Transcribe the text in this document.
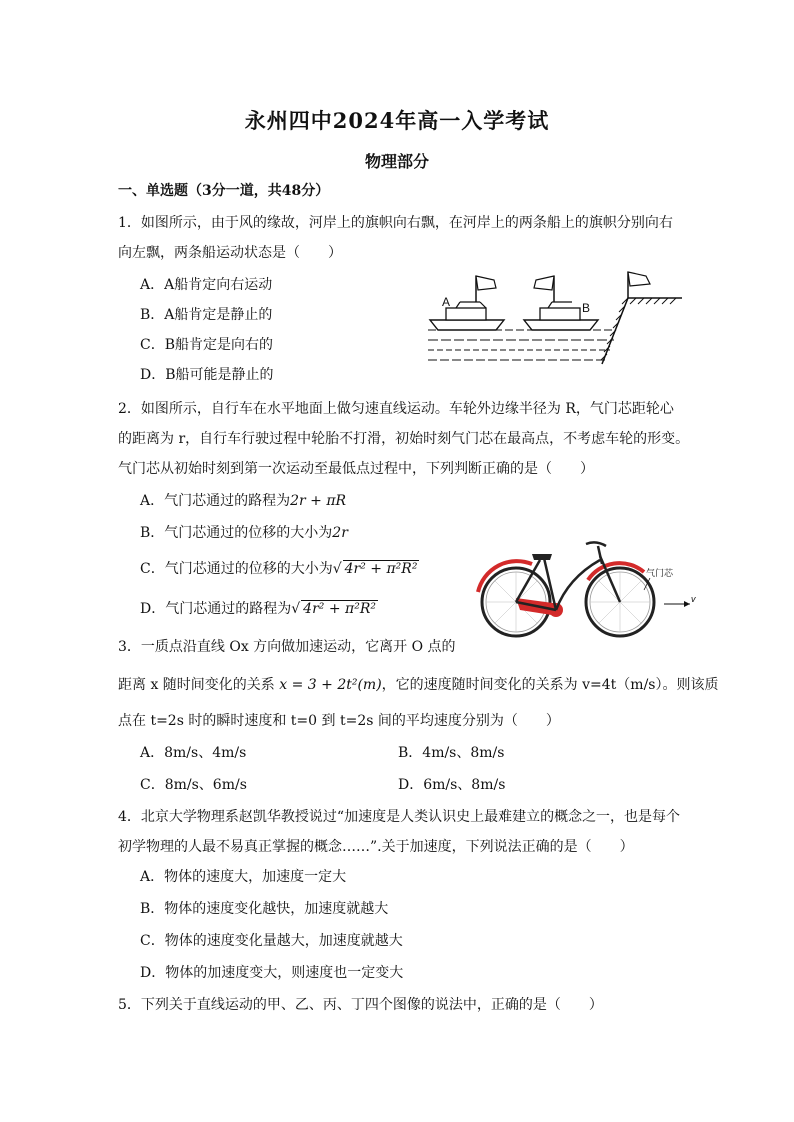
永州四中2024年高一入学考试
物理部分
一、单选题（3分一道，共48分）
1．如图所示，由于风的缘故，河岸上的旗帜向右飘，在河岸上的两条船上的旗帜分别向右
向左飘，两条船运动状态是（　　）
A．A船肯定向右运动
B．A船肯定是静止的
C．B船肯定是向右的
D．B船可能是静止的
A	B
2．如图所示，自行车在水平地面上做匀速直线运动。车轮外边缘半径为 R，气门芯距轮心
的距离为 r，自行车行驶过程中轮胎不打滑，初始时刻气门芯在最高点，不考虑车轮的形变。
气门芯从初始时刻到第一次运动至最低点过程中，下列判断正确的是（　　）
A．气门芯通过的路程为2r + πR
B．气门芯通过的位移的大小为2r
C．气门芯通过的位移的大小为√ 4r² + π²R²
D．气门芯通过的路程为√ 4r² + π²R²
气门芯
v
3．一质点沿直线 Ox 方向做加速运动，它离开 O 点的
距离 x 随时间变化的关系 x = 3 + 2t²(m)，它的速度随时间变化的关系为 v=4t（m/s）。则该质
点在 t=2s 时的瞬时速度和 t=0 到 t=2s 间的平均速度分别为（　　）
A．8m/s、4m/s	B．4m/s、8m/s
C．8m/s、6m/s	D．6m/s、8m/s
4．北京大学物理系赵凯华教授说过“加速度是人类认识史上最难建立的概念之一，也是每个
初学物理的人最不易真正掌握的概念……”.关于加速度，下列说法正确的是（　　）
A．物体的速度大，加速度一定大
B．物体的速度变化越快，加速度就越大
C．物体的速度变化量越大，加速度就越大
D．物体的加速度变大，则速度也一定变大
5．下列关于直线运动的甲、乙、丙、丁四个图像的说法中，正确的是（　　）
